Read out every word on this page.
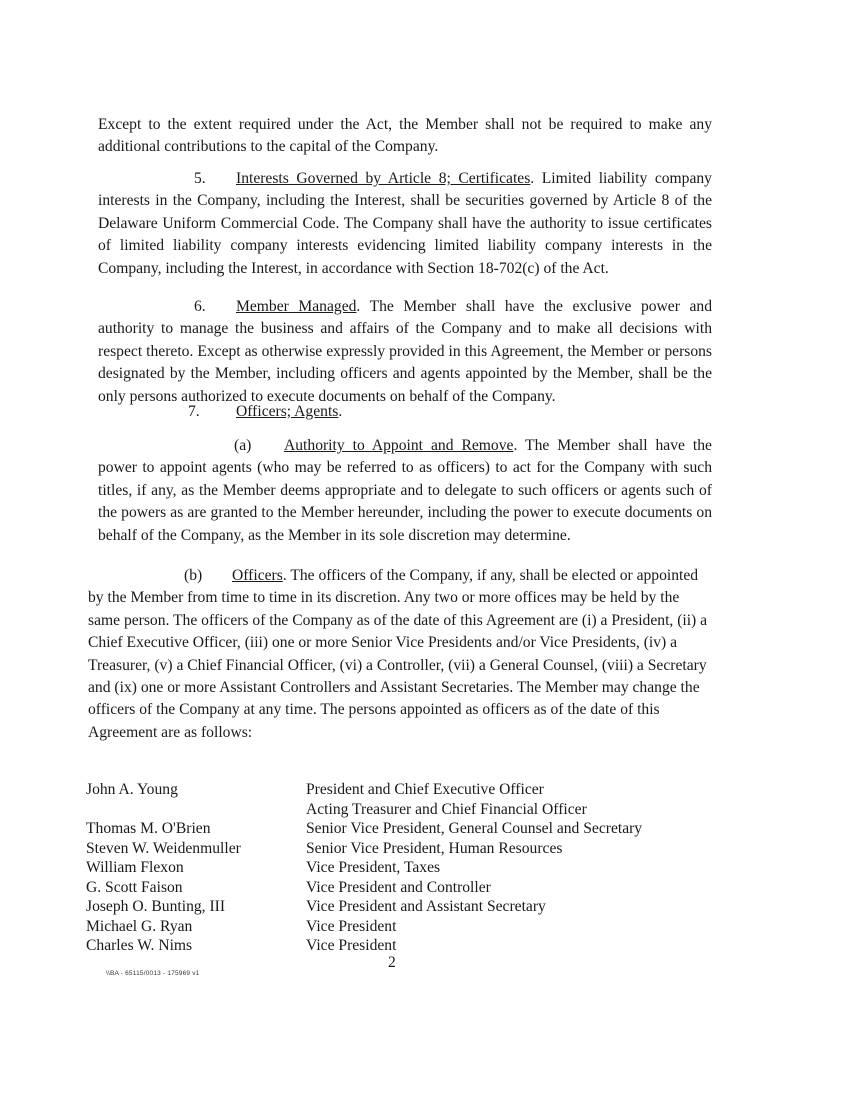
Except to the extent required under the Act, the Member shall not be required to make any additional contributions to the capital of the Company.

5. Interests Governed by Article 8; Certificates. Limited liability company interests in the Company, including the Interest, shall be securities governed by Article 8 of the Delaware Uniform Commercial Code. The Company shall have the authority to issue certificates of limited liability company interests evidencing limited liability company interests in the Company, including the Interest, in accordance with Section 18-702(c) of the Act.

6. Member Managed. The Member shall have the exclusive power and authority to manage the business and affairs of the Company and to make all decisions with respect thereto. Except as otherwise expressly provided in this Agreement, the Member or persons designated by the Member, including officers and agents appointed by the Member, shall be the only persons authorized to execute documents on behalf of the Company.

7. Officers; Agents.

(a) Authority to Appoint and Remove. The Member shall have the power to appoint agents (who may be referred to as officers) to act for the Company with such titles, if any, as the Member deems appropriate and to delegate to such officers or agents such of the powers as are granted to the Member hereunder, including the power to execute documents on behalf of the Company, as the Member in its sole discretion may determine.

(b) Officers. The officers of the Company, if any, shall be elected or appointed by the Member from time to time in its discretion. Any two or more offices may be held by the same person. The officers of the Company as of the date of this Agreement are (i) a President, (ii) a Chief Executive Officer, (iii) one or more Senior Vice Presidents and/or Vice Presidents, (iv) a Treasurer, (v) a Chief Financial Officer, (vi) a Controller, (vii) a General Counsel, (viii) a Secretary and (ix) one or more Assistant Controllers and Assistant Secretaries. The Member may change the officers of the Company at any time. The persons appointed as officers as of the date of this Agreement are as follows:

John A. Young	President and Chief Executive Officer
Acting Treasurer and Chief Financial Officer
Thomas M. O'Brien	Senior Vice President, General Counsel and Secretary
Steven W. Weidenmuller	Senior Vice President, Human Resources
William Flexon	Vice President, Taxes
G. Scott Faison	Vice President and Controller
Joseph O. Bunting, III	Vice President and Assistant Secretary
Michael G. Ryan	Vice President
Charles W. Nims	Vice President
\\BA - 65115/0013 - 175969 v1
2
